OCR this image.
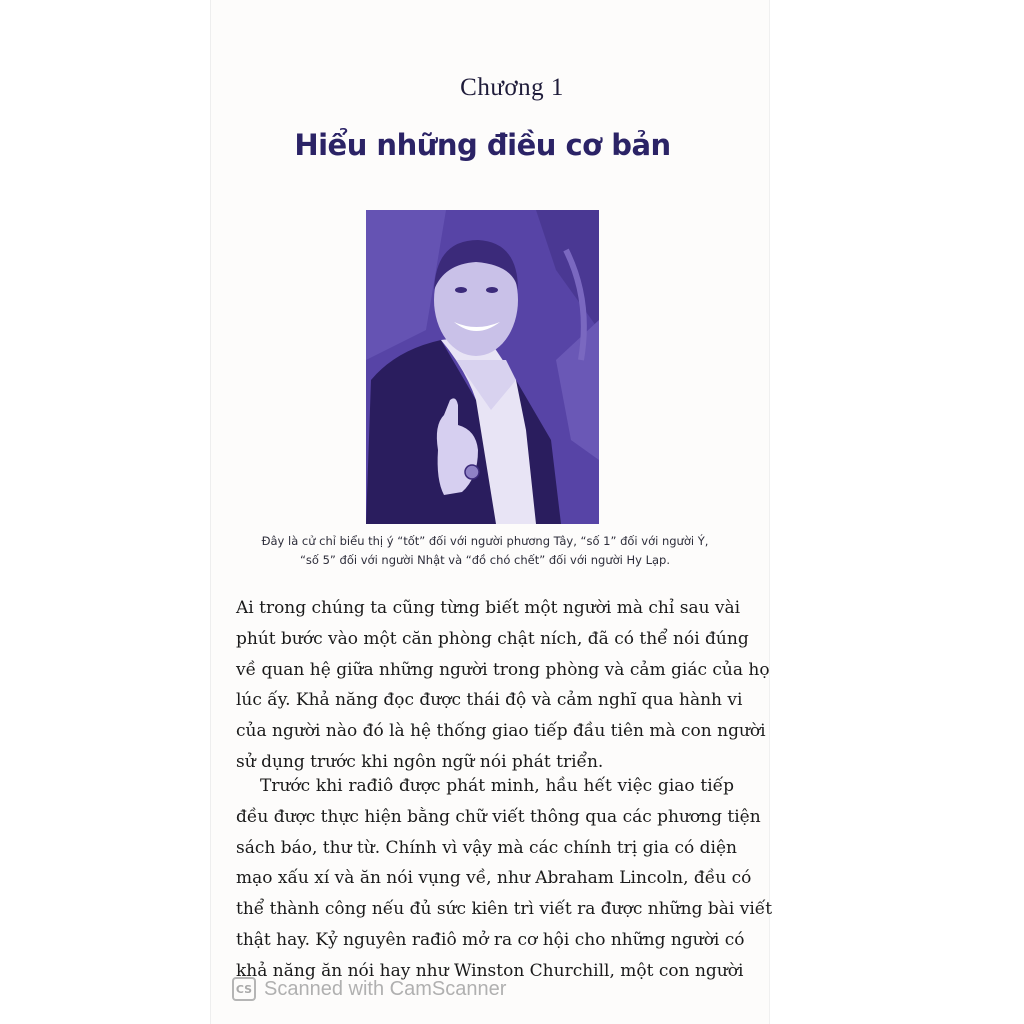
Chương 1
Hiểu những điều cơ bản
Đây là cử chỉ biểu thị ý “tốt” đối với người phương Tây, “số 1” đối với người Ý,
“số 5” đối với người Nhật và “đồ chó chết” đối với người Hy Lạp.
Ai trong chúng ta cũng từng biết một người mà chỉ sau vài
phút bước vào một căn phòng chật ních, đã có thể nói đúng
về quan hệ giữa những người trong phòng và cảm giác của họ
lúc ấy. Khả năng đọc được thái độ và cảm nghĩ qua hành vi
của người nào đó là hệ thống giao tiếp đầu tiên mà con người
sử dụng trước khi ngôn ngữ nói phát triển.
Trước khi rađiô được phát minh, hầu hết việc giao tiếp
đều được thực hiện bằng chữ viết thông qua các phương tiện
sách báo, thư từ. Chính vì vậy mà các chính trị gia có diện
mạo xấu xí và ăn nói vụng về, như Abraham Lincoln, đều có
thể thành công nếu đủ sức kiên trì viết ra được những bài viết
thật hay. Kỷ nguyên rađiô mở ra cơ hội cho những người có
khả năng ăn nói hay như Winston Churchill, một con người
CS Scanned with CamScanner
